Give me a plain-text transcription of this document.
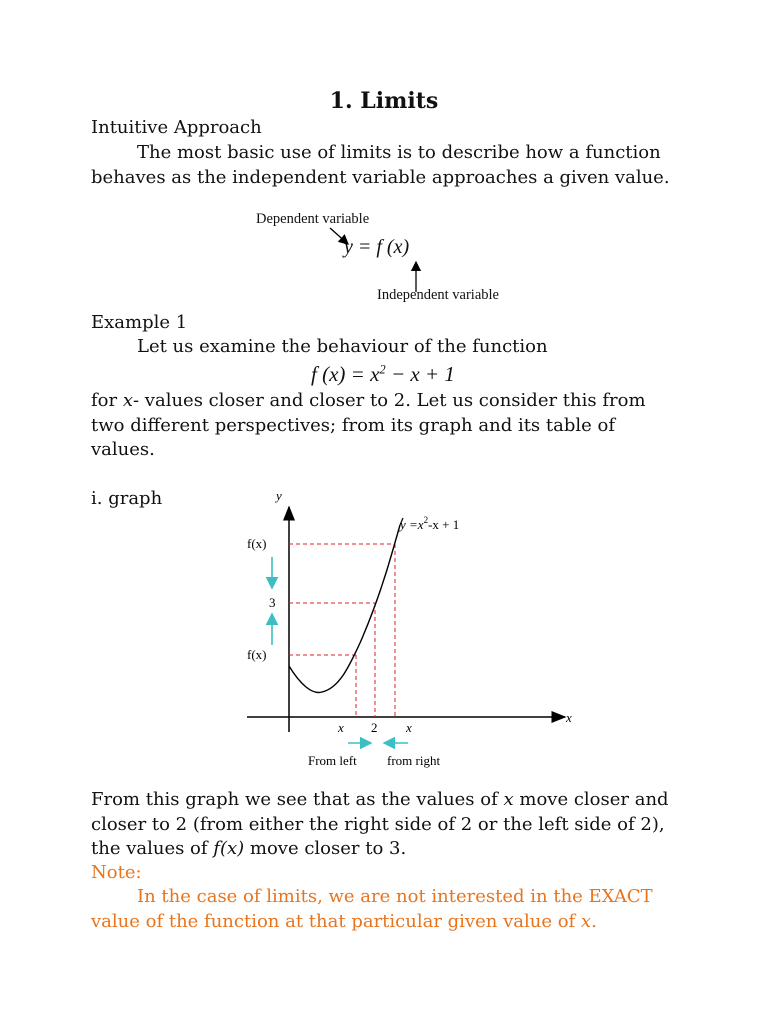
1. Limits
Intuitive Approach
The most basic use of limits is to describe how a function behaves as the independent variable approaches a given value.
Dependent variable
y = f (x)
Independent variable
Example 1
Let us examine the behaviour of the function
f $(x) = x^2 - x + 1$
for x- values closer and closer to 2. Let us consider this from two different perspectives; from its graph and its table of values.
i. graph	y
x
$y =x^2-x + 1$
f(x)
3
f(x)
x 2 x
From left from right
From this graph we see that as the values of x move closer and closer to 2 (from either the right side of 2 or the left side of 2), the values of f(x) move closer to 3.
Note:
In the case of limits, we are not interested in the EXACT value of the function at that particular given value of x.
